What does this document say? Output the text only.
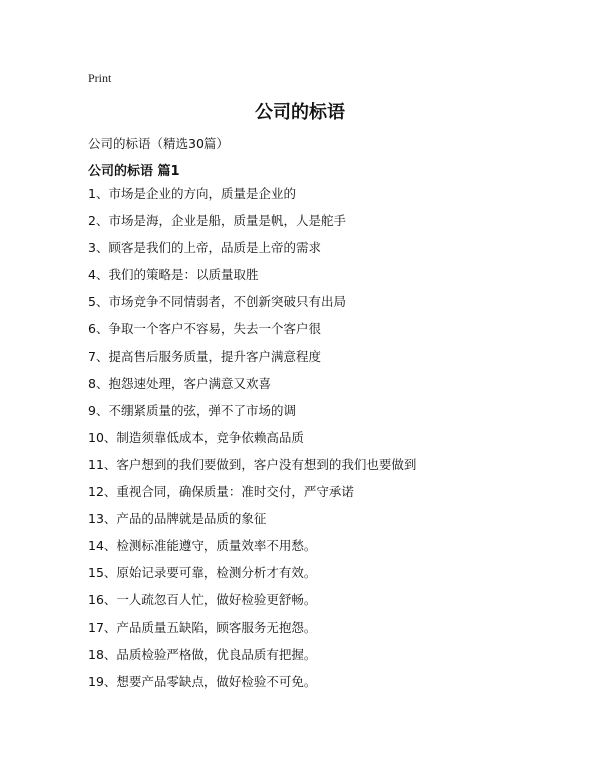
Print
公司的标语
公司的标语（精选30篇）
公司的标语 篇1
1、市场是企业的方向，质量是企业的
2、市场是海，企业是船，质量是帆，人是舵手
3、顾客是我们的上帝，品质是上帝的需求
4、我们的策略是：以质量取胜
5、市场竞争不同情弱者，不创新突破只有出局
6、争取一个客户不容易，失去一个客户很
7、提高售后服务质量，提升客户满意程度
8、抱怨速处理，客户满意又欢喜
9、不绷紧质量的弦，弹不了市场的调
10、制造须靠低成本，竞争依赖高品质
11、客户想到的我们要做到，客户没有想到的我们也要做到
12、重视合同，确保质量：准时交付，严守承诺
13、产品的品牌就是品质的象征
14、检测标准能遵守，质量效率不用愁。
15、原始记录要可靠，检测分析才有效。
16、一人疏忽百人忙，做好检验更舒畅。
17、产品质量五缺陷，顾客服务无抱怨。
18、品质检验严格做，优良品质有把握。
19、想要产品零缺点，做好检验不可免。
